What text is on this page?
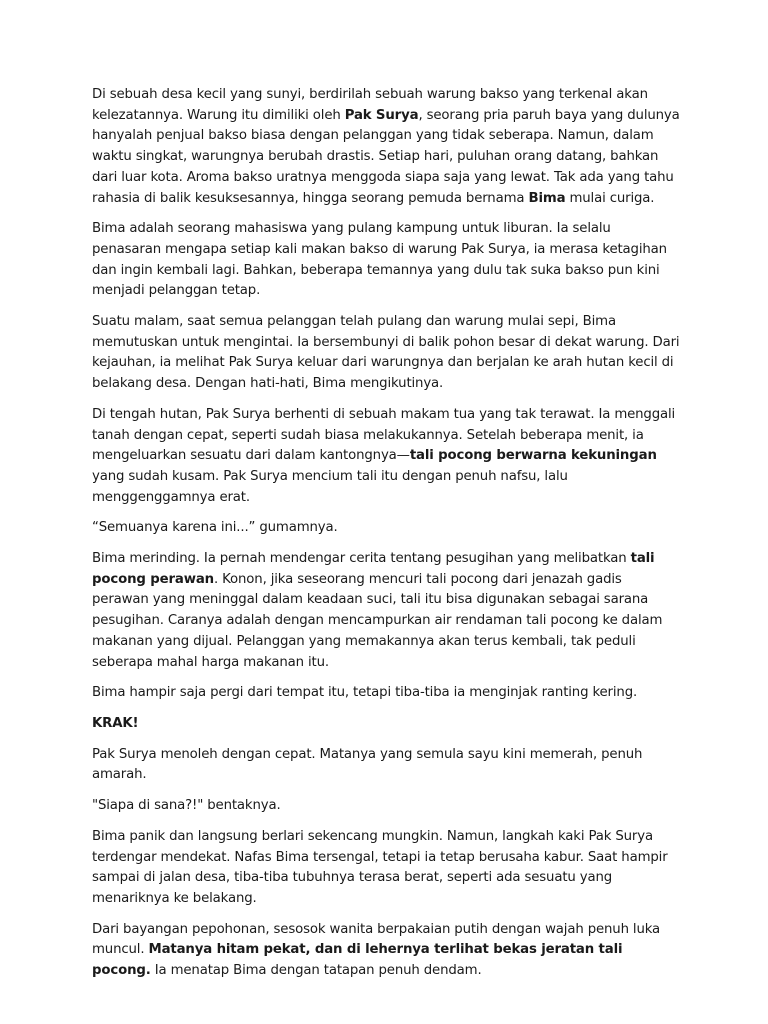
Di sebuah desa kecil yang sunyi, berdirilah sebuah warung bakso yang terkenal akan kelezatannya. Warung itu dimiliki oleh Pak Surya, seorang pria paruh baya yang dulunya hanyalah penjual bakso biasa dengan pelanggan yang tidak seberapa. Namun, dalam waktu singkat, warungnya berubah drastis. Setiap hari, puluhan orang datang, bahkan dari luar kota. Aroma bakso uratnya menggoda siapa saja yang lewat. Tak ada yang tahu rahasia di balik kesuksesannya, hingga seorang pemuda bernama Bima mulai curiga.

Bima adalah seorang mahasiswa yang pulang kampung untuk liburan. Ia selalu penasaran mengapa setiap kali makan bakso di warung Pak Surya, ia merasa ketagihan dan ingin kembali lagi. Bahkan, beberapa temannya yang dulu tak suka bakso pun kini menjadi pelanggan tetap.

Suatu malam, saat semua pelanggan telah pulang dan warung mulai sepi, Bima memutuskan untuk mengintai. Ia bersembunyi di balik pohon besar di dekat warung. Dari kejauhan, ia melihat Pak Surya keluar dari warungnya dan berjalan ke arah hutan kecil di belakang desa. Dengan hati-hati, Bima mengikutinya.

Di tengah hutan, Pak Surya berhenti di sebuah makam tua yang tak terawat. Ia menggali tanah dengan cepat, seperti sudah biasa melakukannya. Setelah beberapa menit, ia mengeluarkan sesuatu dari dalam kantongnya—tali pocong berwarna kekuningan yang sudah kusam. Pak Surya mencium tali itu dengan penuh nafsu, lalu menggenggamnya erat.

“Semuanya karena ini...” gumamnya.

Bima merinding. Ia pernah mendengar cerita tentang pesugihan yang melibatkan tali pocong perawan. Konon, jika seseorang mencuri tali pocong dari jenazah gadis perawan yang meninggal dalam keadaan suci, tali itu bisa digunakan sebagai sarana pesugihan. Caranya adalah dengan mencampurkan air rendaman tali pocong ke dalam makanan yang dijual. Pelanggan yang memakannya akan terus kembali, tak peduli seberapa mahal harga makanan itu.

Bima hampir saja pergi dari tempat itu, tetapi tiba-tiba ia menginjak ranting kering.

KRAK!

Pak Surya menoleh dengan cepat. Matanya yang semula sayu kini memerah, penuh amarah.

"Siapa di sana?!" bentaknya.

Bima panik dan langsung berlari sekencang mungkin. Namun, langkah kaki Pak Surya terdengar mendekat. Nafas Bima tersengal, tetapi ia tetap berusaha kabur. Saat hampir sampai di jalan desa, tiba-tiba tubuhnya terasa berat, seperti ada sesuatu yang menariknya ke belakang.

Dari bayangan pepohonan, sesosok wanita berpakaian putih dengan wajah penuh luka muncul. Matanya hitam pekat, dan di lehernya terlihat bekas jeratan tali pocong. Ia menatap Bima dengan tatapan penuh dendam.
